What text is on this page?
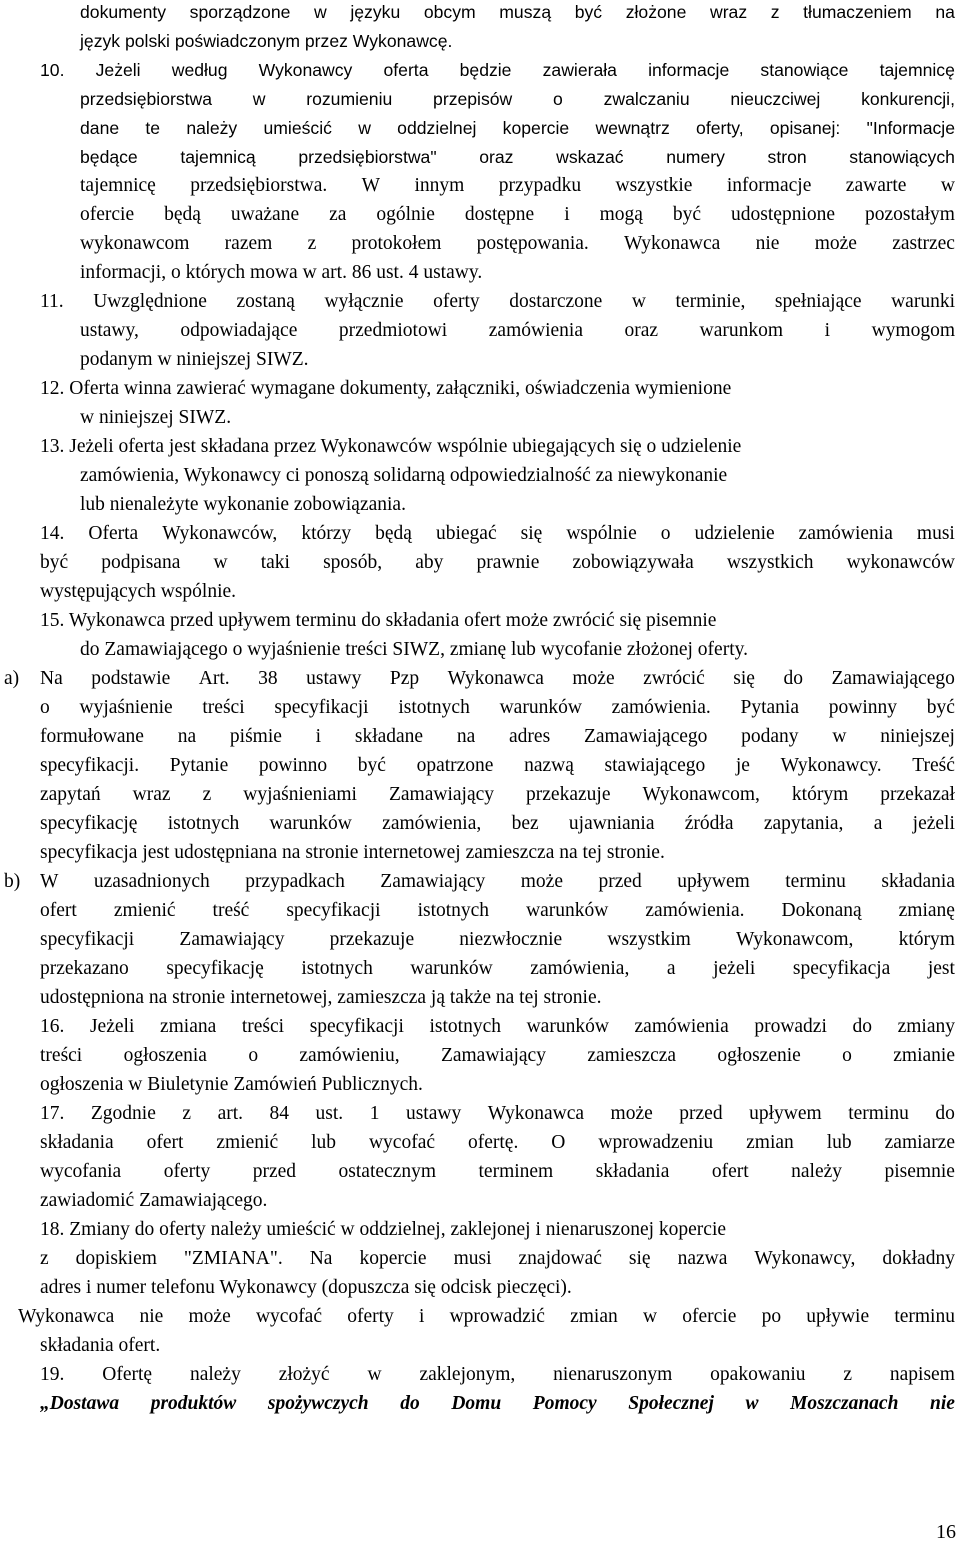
dokumenty sporządzone w języku obcym muszą być złożone wraz z tłumaczeniem na
język polski poświadczonym przez Wykonawcę.
10. Jeżeli według Wykonawcy oferta będzie zawierała informacje stanowiące tajemnicę
przedsiębiorstwa w rozumieniu przepisów o zwalczaniu nieuczciwej konkurencji,
dane te należy umieścić w oddzielnej kopercie wewnątrz oferty, opisanej: "Informacje
będące tajemnicą przedsiębiorstwa" oraz wskazać numery stron stanowiących
tajemnicę przedsiębiorstwa. W innym przypadku wszystkie informacje zawarte w
ofercie będą uważane za ogólnie dostępne i mogą być udostępnione pozostałym
wykonawcom razem z protokołem postępowania. Wykonawca nie może zastrzec
informacji, o których mowa w art. 86 ust. 4 ustawy.
11. Uwzględnione zostaną wyłącznie oferty dostarczone w terminie, spełniające warunki
ustawy, odpowiadające przedmiotowi zamówienia oraz warunkom i wymogom
podanym w niniejszej SIWZ.
12. Oferta winna zawierać wymagane dokumenty, załączniki, oświadczenia wymienione
w niniejszej SIWZ.
13. Jeżeli oferta jest składana przez Wykonawców wspólnie ubiegających się o udzielenie
zamówienia, Wykonawcy ci ponoszą solidarną odpowiedzialność za niewykonanie
lub nienależyte wykonanie zobowiązania.
14. Oferta Wykonawców, którzy będą ubiegać się wspólnie o udzielenie zamówienia musi
być podpisana w taki sposób, aby prawnie zobowiązywała wszystkich wykonawców
występujących wspólnie.
15. Wykonawca przed upływem terminu do składania ofert może zwrócić się pisemnie
do Zamawiającego o wyjaśnienie treści SIWZ, zmianę lub wycofanie złożonej oferty.
Na podstawie Art. 38 ustawy Pzp Wykonawca może zwrócić się do Zamawiającego
o wyjaśnienie treści specyfikacji istotnych warunków zamówienia. Pytania powinny być
formułowane na piśmie i składane na adres Zamawiającego podany w niniejszej
specyfikacji. Pytanie powinno być opatrzone nazwą stawiającego je Wykonawcy. Treść
zapytań wraz z wyjaśnieniami Zamawiający przekazuje Wykonawcom, którym przekazał
specyfikację istotnych warunków zamówienia, bez ujawniania źródła zapytania, a jeżeli
specyfikacja jest udostępniana na stronie internetowej zamieszcza na tej stronie.
W uzasadnionych przypadkach Zamawiający może przed upływem terminu składania
ofert zmienić treść specyfikacji istotnych warunków zamówienia. Dokonaną zmianę
specyfikacji Zamawiający przekazuje niezwłocznie wszystkim Wykonawcom, którym
przekazano specyfikację istotnych warunków zamówienia, a jeżeli specyfikacja jest
udostępniona na stronie internetowej, zamieszcza ją także na tej stronie.
16. Jeżeli zmiana treści specyfikacji istotnych warunków zamówienia prowadzi do zmiany
treści ogłoszenia o zamówieniu, Zamawiający zamieszcza ogłoszenie o zmianie
ogłoszenia w Biuletynie Zamówień Publicznych.
17. Zgodnie z art. 84 ust. 1 ustawy Wykonawca może przed upływem terminu do
składania ofert zmienić lub wycofać ofertę. O wprowadzeniu zmian lub zamiarze
wycofania oferty przed ostatecznym terminem składania ofert należy pisemnie
zawiadomić Zamawiającego.
18. Zmiany do oferty należy umieścić w oddzielnej, zaklejonej i nienaruszonej kopercie
z dopiskiem "ZMIANA". Na kopercie musi znajdować się nazwa Wykonawcy, dokładny
adres i numer telefonu Wykonawcy (dopuszcza się odcisk pieczęci).
Wykonawca nie może wycofać oferty i wprowadzić zmian w ofercie po upływie terminu
składania ofert.
19. Ofertę należy złożyć w zaklejonym, nienaruszonym opakowaniu z napisem
„Dostawa produktów spożywczych do Domu Pomocy Społecznej w Moszczanach nie
a)
b)
16
